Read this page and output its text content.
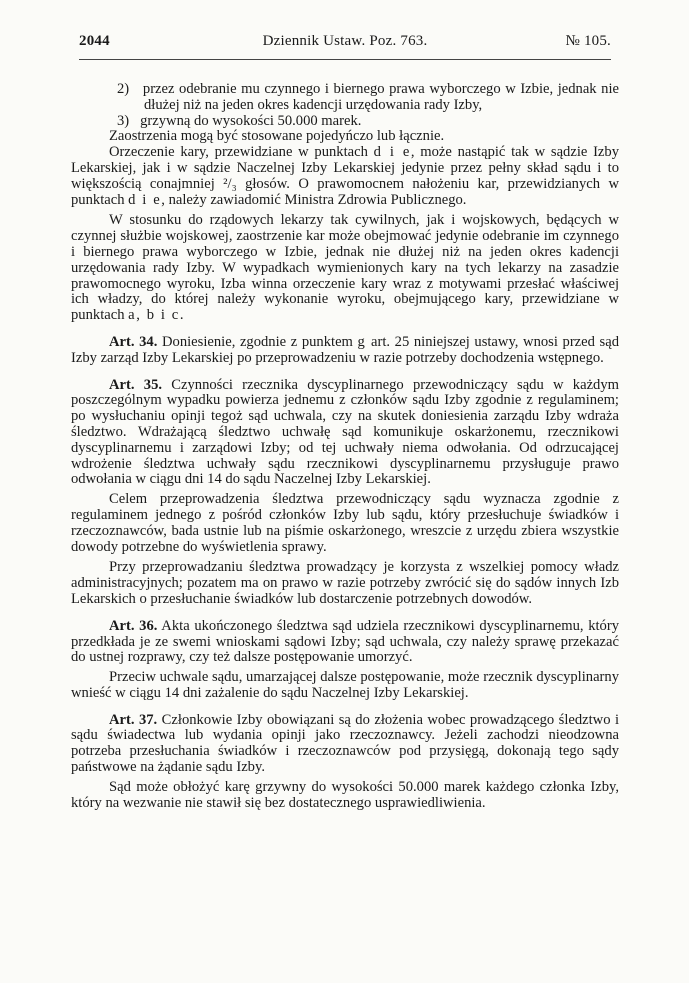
2044	Dziennik Ustaw. Poz. 763.	№ 105.

2) przez odebranie mu czynnego i biernego prawa wyborczego w Izbie, jednak nie dłużej niż na jeden okres kadencji urzędowania rady Izby,

3) grzywną do wysokości 50.000 marek.

Zaostrzenia mogą być stosowane pojedyńczo lub łącznie.

Orzeczenie kary, przewidziane w punktach d i e, może nastąpić tak w sądzie Izby Lekarskiej, jak i w sądzie Naczelnej Izby Lekarskiej jedynie przez pełny skład sądu i to większością conajmniej ²/₃ głosów. O prawomocnem nałożeniu kar, przewidzianych w punktach d i e, należy zawiadomić Ministra Zdrowia Publicznego.

W stosunku do rządowych lekarzy tak cywilnych, jak i wojskowych, będących w czynnej służbie wojskowej, zaostrzenie kar może obejmować jedynie odebranie im czynnego i biernego prawa wyborczego w Izbie, jednak nie dłużej niż na jeden okres kadencji urzędowania rady Izby. W wypadkach wymienionych kary na tych lekarzy na zasadzie prawomocnego wyroku, Izba winna orzeczenie kary wraz z motywami przesłać właściwej ich władzy, do której należy wykonanie wyroku, obejmującego kary, przewidziane w punktach a, b i c.

Art. 34. Doniesienie, zgodnie z punktem g art. 25 niniejszej ustawy, wnosi przed sąd Izby zarząd Izby Lekarskiej po przeprowadzeniu w razie potrzeby dochodzenia wstępnego.

Art. 35. Czynności rzecznika dyscyplinarnego przewodniczący sądu w każdym poszczególnym wypadku powierza jednemu z członków sądu Izby zgodnie z regulaminem; po wysłuchaniu opinji tegoż sąd uchwala, czy na skutek doniesienia zarządu Izby wdraża śledztwo. Wdrażającą śledztwo uchwałę sąd komunikuje oskarżonemu, rzecznikowi dyscyplinarnemu i zarządowi Izby; od tej uchwały niema odwołania. Od odrzucającej wdrożenie śledztwa uchwały sądu rzecznikowi dyscyplinarnemu przysługuje prawo odwołania w ciągu dni 14 do sądu Naczelnej Izby Lekarskiej.

Celem przeprowadzenia śledztwa przewodniczący sądu wyznacza zgodnie z regulaminem jednego z pośród członków Izby lub sądu, który przesłuchuje świadków i rzeczoznawców, bada ustnie lub na piśmie oskarżonego, wreszcie z urzędu zbiera wszystkie dowody potrzebne do wyświetlenia sprawy.

Przy przeprowadzaniu śledztwa prowadzący je korzysta z wszelkiej pomocy władz administracyjnych; pozatem ma on prawo w razie potrzeby zwrócić się do sądów innych Izb Lekarskich o przesłuchanie świadków lub dostarczenie potrzebnych dowodów.

Art. 36. Akta ukończonego śledztwa sąd udziela rzecznikowi dyscyplinarnemu, który przedkłada je ze swemi wnioskami sądowi Izby; sąd uchwala, czy należy sprawę przekazać do ustnej rozprawy, czy też dalsze postępowanie umorzyć.

Przeciw uchwale sądu, umarzającej dalsze postępowanie, może rzecznik dyscyplinarny wnieść w ciągu 14 dni zażalenie do sądu Naczelnej Izby Lekarskiej.

Art. 37. Członkowie Izby obowiązani są do złożenia wobec prowadzącego śledztwo i sądu świadectwa lub wydania opinji jako rzeczoznawcy. Jeżeli zachodzi nieodzowna potrzeba przesłuchania świadków i rzeczoznawców pod przysięgą, dokonają tego sądy państwowe na żądanie sądu Izby.

Sąd może obłożyć karę grzywny do wysokości 50.000 marek każdego członka Izby, który na wezwanie nie stawił się bez dostatecznego usprawiedliwienia.
